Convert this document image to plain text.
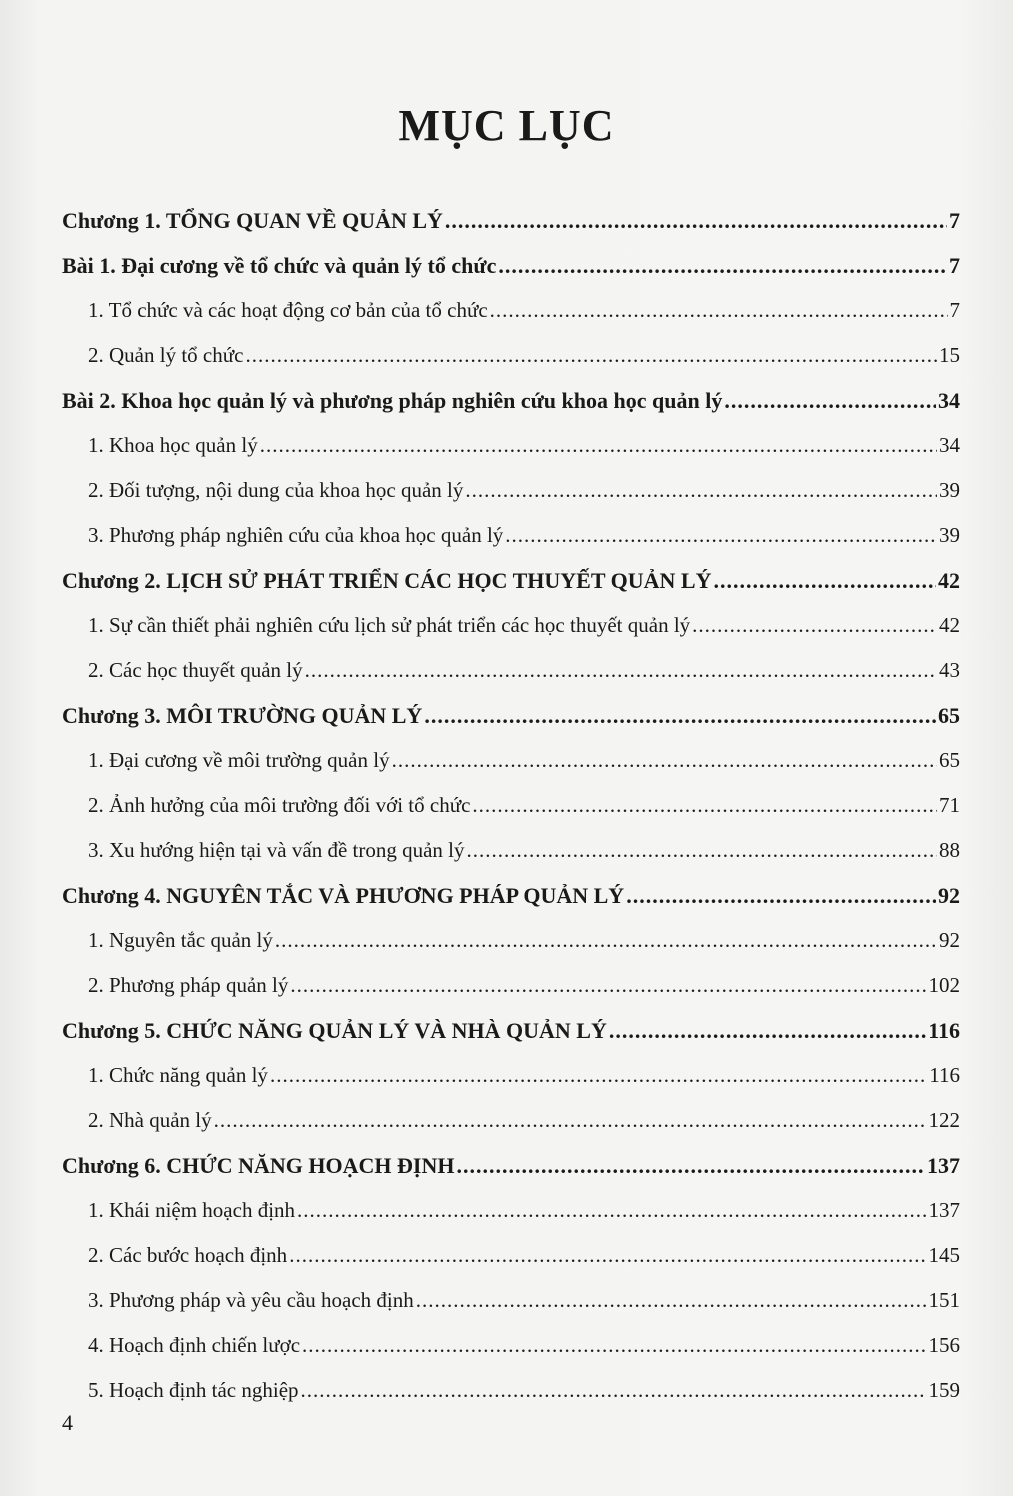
MỤC LỤC
Chương 1. TỔNG QUAN VỀ QUẢN LÝ .....	7
Bài 1. Đại cương về tổ chức và quản lý tổ chức .....	7
1. Tổ chức và các hoạt động cơ bản của tổ chức .....	7
2. Quản lý tổ chức .....	15
Bài 2. Khoa học quản lý và phương pháp nghiên cứu khoa học quản lý .....	34
1. Khoa học quản lý .....	34
2. Đối tượng, nội dung của khoa học quản lý .....	39
3. Phương pháp nghiên cứu của khoa học quản lý .....	39
Chương 2. LỊCH SỬ PHÁT TRIỂN CÁC HỌC THUYẾT QUẢN LÝ .....	42
1. Sự cần thiết phải nghiên cứu lịch sử phát triển các học thuyết quản lý .....	42
2. Các học thuyết quản lý .....	43
Chương 3. MÔI TRƯỜNG QUẢN LÝ .....	65
1. Đại cương về môi trường quản lý .....	65
2. Ảnh hưởng của môi trường đối với tổ chức .....	71
3. Xu hướng hiện tại và vấn đề trong quản lý .....	88
Chương 4. NGUYÊN TẮC VÀ PHƯƠNG PHÁP QUẢN LÝ .....	92
1. Nguyên tắc quản lý .....	92
2. Phương pháp quản lý .....	102
Chương 5. CHỨC NĂNG QUẢN LÝ VÀ NHÀ QUẢN LÝ .....	116
1. Chức năng quản lý .....	116
2. Nhà quản lý .....	122
Chương 6. CHỨC NĂNG HOẠCH ĐỊNH .....	137
1. Khái niệm hoạch định .....	137
2. Các bước hoạch định .....	145
3. Phương pháp và yêu cầu hoạch định .....	151
4. Hoạch định chiến lược .....	156
5. Hoạch định tác nghiệp .....	159
4
